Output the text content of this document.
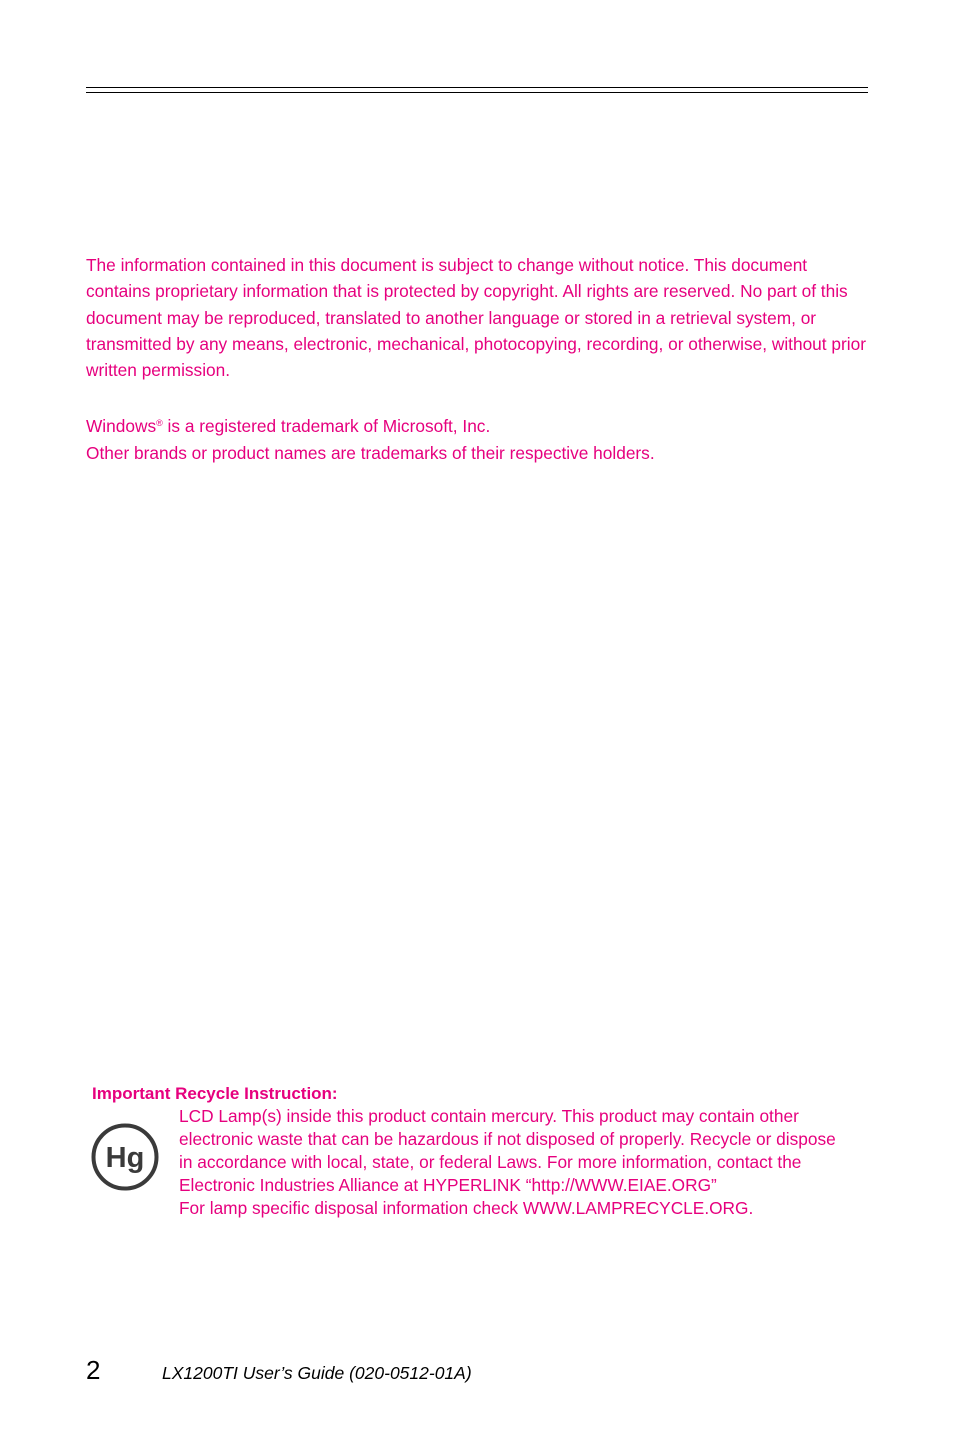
The information contained in this document is subject to change without notice. This document contains proprietary information that is protected by copyright. All rights are reserved. No part of this document may be reproduced, translated to another language or stored in a retrieval system, or transmitted by any means, electronic, mechanical, photocopying, recording, or otherwise, without prior written permission.

Windows® is a registered trademark of Microsoft, Inc.
Other brands or product names are trademarks of their respective holders.
Important Recycle Instruction:
Hg
LCD Lamp(s) inside this product contain mercury. This product may contain other
electronic waste that can be hazardous if not disposed of properly. Recycle or dispose
in accordance with local, state, or federal Laws. For more information, contact the
Electronic Industries Alliance at HYPERLINK “http://WWW.EIAE.ORG”
For lamp specific disposal information check WWW.LAMPRECYCLE.ORG.
2	LX1200TI User’s Guide (020-0512-01A)
